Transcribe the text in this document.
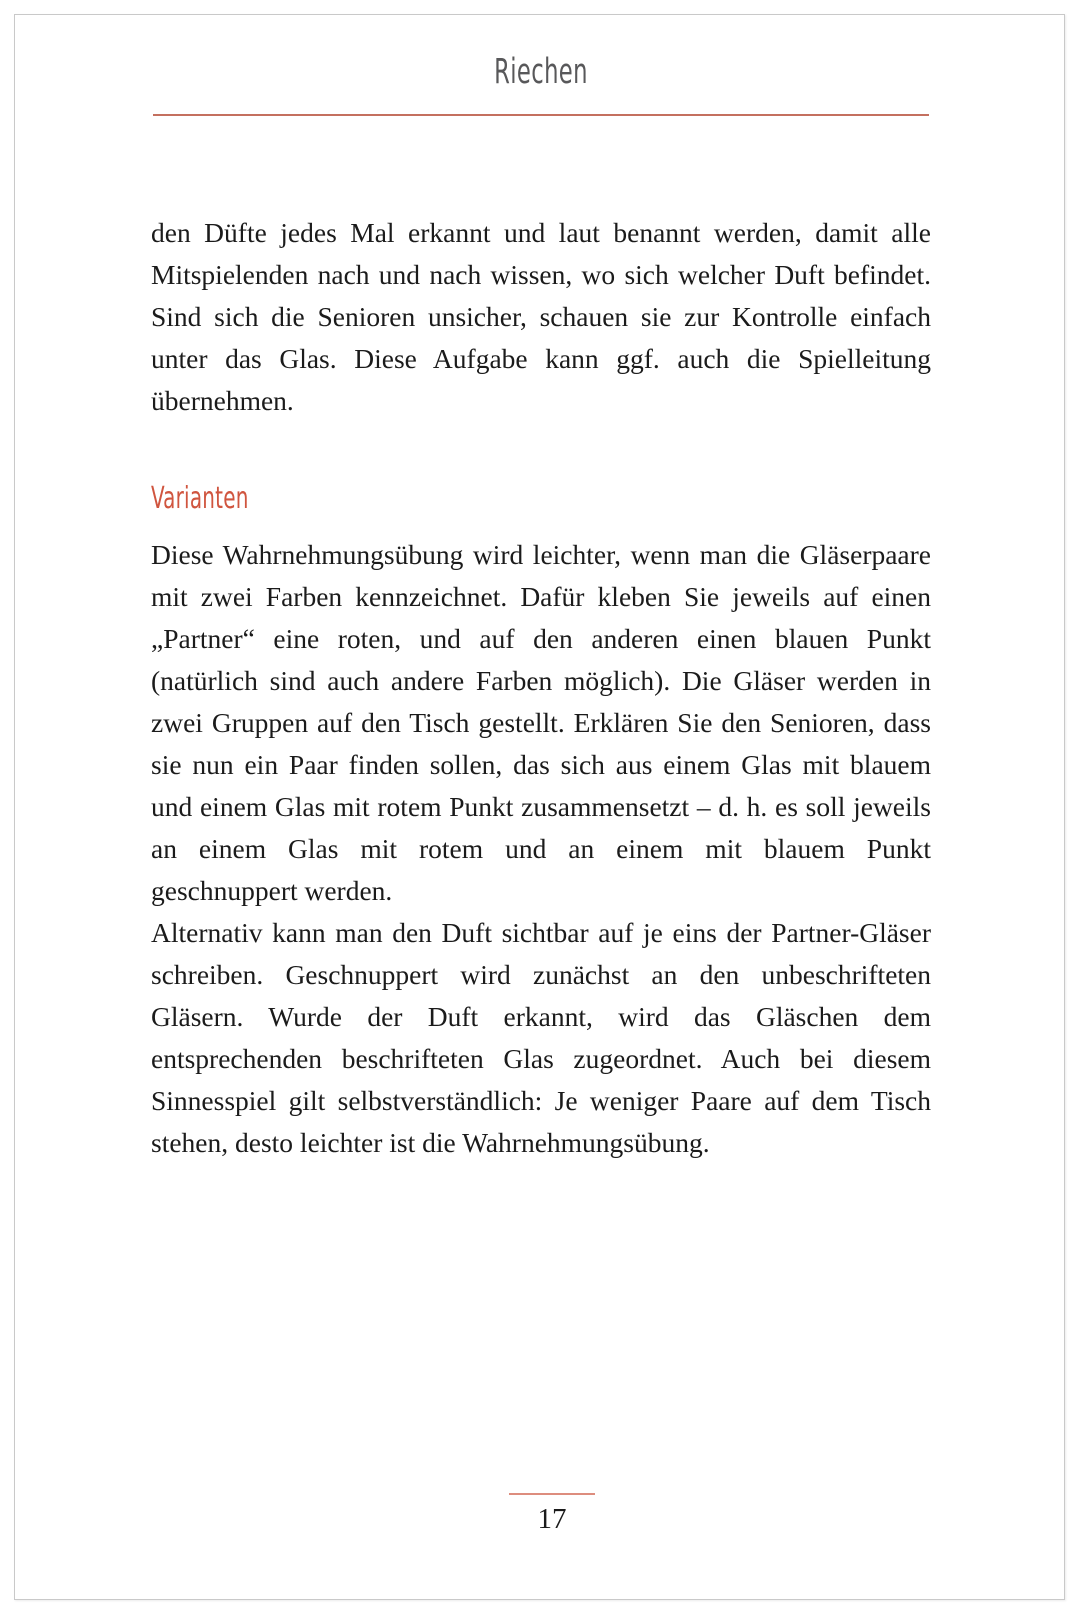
Riechen

den Düfte jedes Mal erkannt und laut benannt werden, damit alle Mitspielenden nach und nach wissen, wo sich welcher Duft befindet. Sind sich die Senioren unsicher, schauen sie zur Kontrolle einfach unter das Glas. Diese Aufgabe kann ggf. auch die Spielleitung übernehmen.

Varianten

Diese Wahrnehmungsübung wird leichter, wenn man die Gläserpaare mit zwei Farben kennzeichnet. Dafür kleben Sie jeweils auf einen „Partner“ eine roten, und auf den anderen einen blauen Punkt (natürlich sind auch andere Farben möglich). Die Gläser werden in zwei Gruppen auf den Tisch gestellt. Erklären Sie den Senioren, dass sie nun ein Paar finden sollen, das sich aus einem Glas mit blauem und einem Glas mit rotem Punkt zusammensetzt – d. h. es soll jeweils an einem Glas mit rotem und an einem mit blauem Punkt geschnuppert werden.

Alternativ kann man den Duft sichtbar auf je eins der Partner-Gläser schreiben. Geschnuppert wird zunächst an den unbeschrifteten Gläsern. Wurde der Duft erkannt, wird das Gläschen dem entsprechenden beschrifteten Glas zugeordnet. Auch bei diesem Sinnesspiel gilt selbstverständlich: Je weniger Paare auf dem Tisch stehen, desto leichter ist die Wahrnehmungsübung.

17
